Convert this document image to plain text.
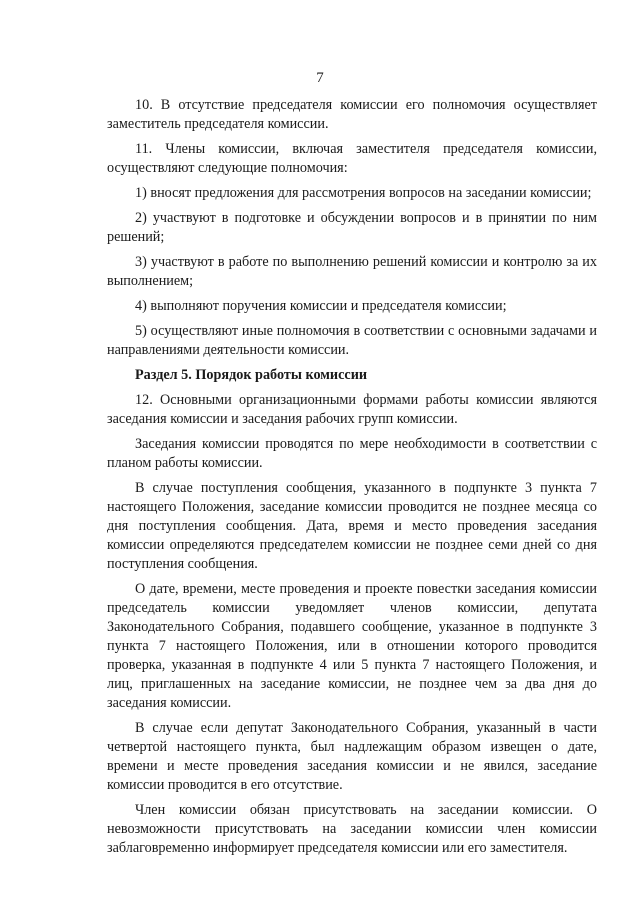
7

10. В отсутствие председателя комиссии его полномочия осуществляет заместитель председателя комиссии.

11. Члены комиссии, включая заместителя председателя комиссии, осуществляют следующие полномочия:

1) вносят предложения для рассмотрения вопросов на заседании комиссии;

2) участвуют в подготовке и обсуждении вопросов и в принятии по ним решений;

3) участвуют в работе по выполнению решений комиссии и контролю за их выполнением;

4) выполняют поручения комиссии и председателя комиссии;

5) осуществляют иные полномочия в соответствии с основными задачами и направлениями деятельности комиссии.

Раздел 5. Порядок работы комиссии

12. Основными организационными формами работы комиссии являются заседания комиссии и заседания рабочих групп комиссии.

Заседания комиссии проводятся по мере необходимости в соответствии с планом работы комиссии.

В случае поступления сообщения, указанного в подпункте 3 пункта 7 настоящего Положения, заседание комиссии проводится не позднее месяца со дня поступления сообщения. Дата, время и место проведения заседания комиссии определяются председателем комиссии не позднее семи дней со дня поступления сообщения.

О дате, времени, месте проведения и проекте повестки заседания комиссии председатель комиссии уведомляет членов комиссии, депутата Законодательного Собрания, подавшего сообщение, указанное в подпункте 3 пункта 7 настоящего Положения, или в отношении которого проводится проверка, указанная в подпункте 4 или 5 пункта 7 настоящего Положения, и лиц, приглашенных на заседание комиссии, не позднее чем за два дня до заседания комиссии.

В случае если депутат Законодательного Собрания, указанный в части четвертой настоящего пункта, был надлежащим образом извещен о дате, времени и месте проведения заседания комиссии и не явился, заседание комиссии проводится в его отсутствие.

Член комиссии обязан присутствовать на заседании комиссии. О невозможности присутствовать на заседании комиссии член комиссии заблаговременно информирует председателя комиссии или его заместителя.
